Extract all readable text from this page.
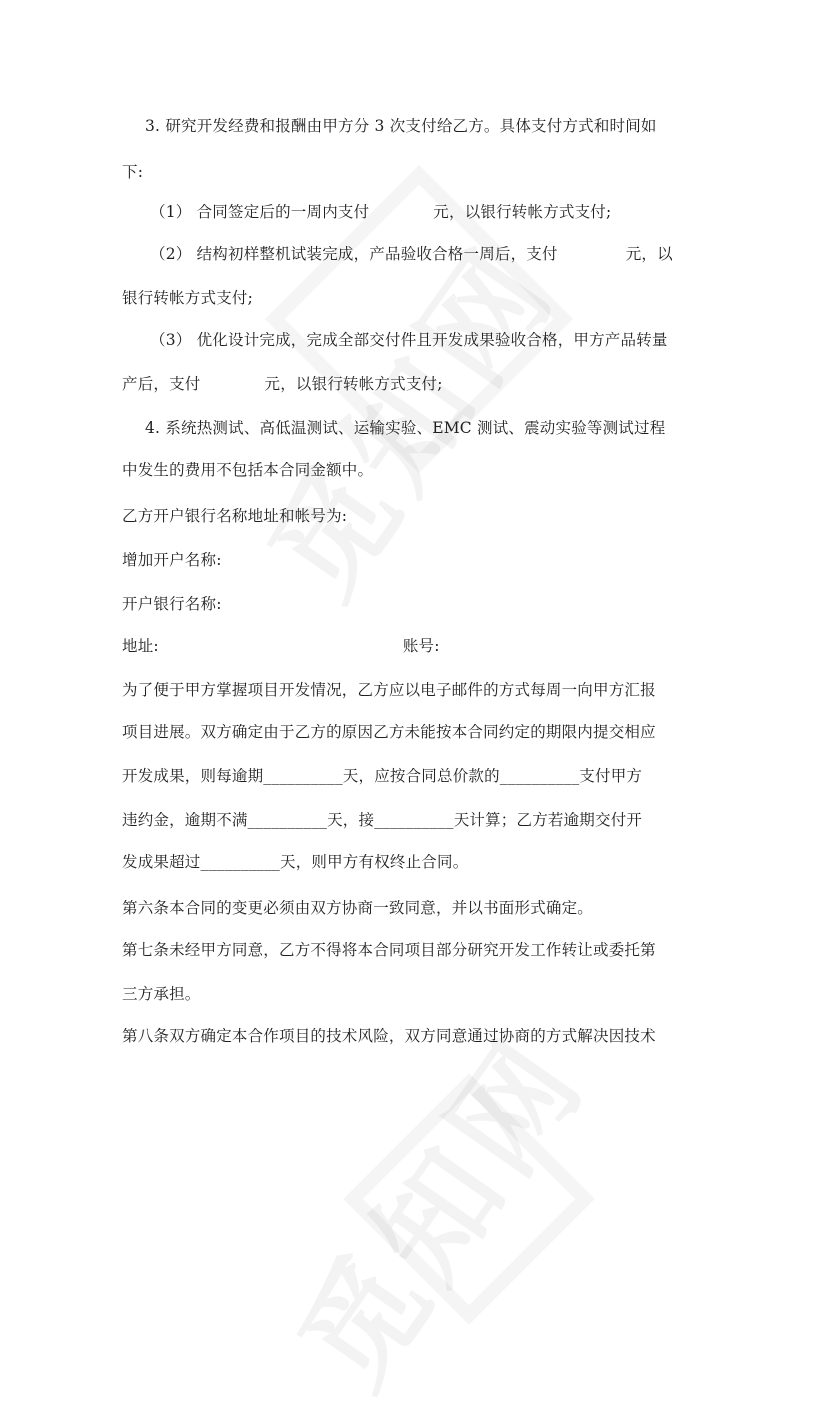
3. 研究开发经费和报酬由甲方分 3 次支付给乙方。具体支付方式和时间如
下:
（1） 合同签定后的一周内支付	元，以银行转帐方式支付;
（2） 结构初样整机试装完成，产品验收合格一周后，支付	元，以
银行转帐方式支付;
（3） 优化设计完成，完成全部交付件且开发成果验收合格，甲方产品转量
产后，支付	元，以银行转帐方式支付;
4. 系统热测试、高低温测试、运输实验、EMC 测试、震动实验等测试过程
中发生的费用不包括本合同金额中。
乙方开户银行名称地址和帐号为:
增加开户名称:
开户银行名称:
地址:	账号:
为了便于甲方掌握项目开发情况，乙方应以电子邮件的方式每周一向甲方汇报
项目进展。双方确定由于乙方的原因乙方未能按本合同约定的期限内提交相应
开发成果，则每逾期__________天，应按合同总价款的__________支付甲方
违约金，逾期不满__________天，接__________天计算；乙方若逾期交付开
发成果超过__________天，则甲方有权终止合同。
第六条本合同的变更必须由双方协商一致同意，并以书面形式确定。
第七条未经甲方同意，乙方不得将本合同项目部分研究开发工作转让或委托第
三方承担。
第八条双方确定本合作项目的技术风险，双方同意通过协商的方式解决因技术
